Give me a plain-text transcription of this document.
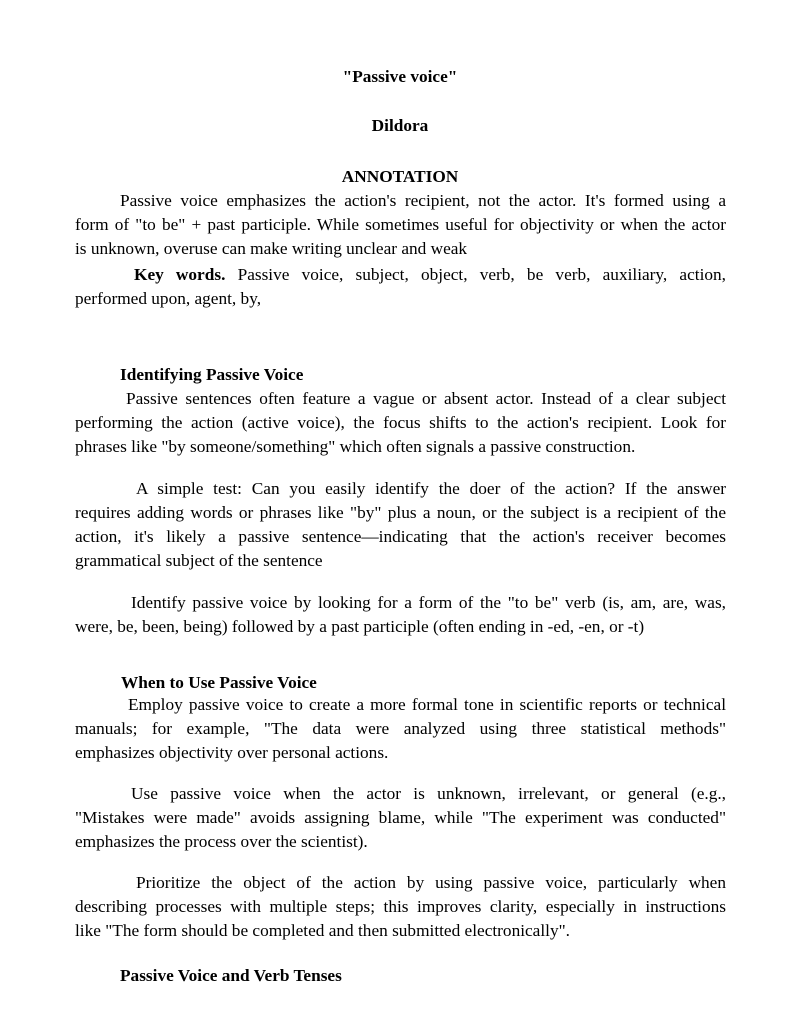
"Passive voice"

Dildora

ANNOTATION

Passive voice emphasizes the action's recipient, not the actor. It's formed using a

form of "to be" + past participle. While sometimes useful for objectivity or when the actor

is unknown, overuse can make writing unclear and weak

Key words. Passive voice, subject, object, verb, be verb, auxiliary, action,

performed upon, agent, by,

Identifying Passive Voice

Passive sentences often feature a vague or absent actor. Instead of a clear subject

performing the action (active voice), the focus shifts to the action's recipient. Look for

phrases like "by someone/something" which often signals a passive construction.

A simple test: Can you easily identify the doer of the action? If the answer

requires adding words or phrases like "by" plus a noun, or the subject is a recipient of the

action, it's likely a passive sentence—indicating that the action's receiver becomes

grammatical subject of the sentence

Identify passive voice by looking for a form of the "to be" verb (is, am, are, was,

were, be, been, being) followed by a past participle (often ending in -ed, -en, or -t)

When to Use Passive Voice

Employ passive voice to create a more formal tone in scientific reports or technical

manuals; for example, "The data were analyzed using three statistical methods"

emphasizes objectivity over personal actions.

Use passive voice when the actor is unknown, irrelevant, or general (e.g.,

"Mistakes were made" avoids assigning blame, while "The experiment was conducted"

emphasizes the process over the scientist).

Prioritize the object of the action by using passive voice, particularly when

describing processes with multiple steps; this improves clarity, especially in instructions

like "The form should be completed and then submitted electronically".

Passive Voice and Verb Tenses
